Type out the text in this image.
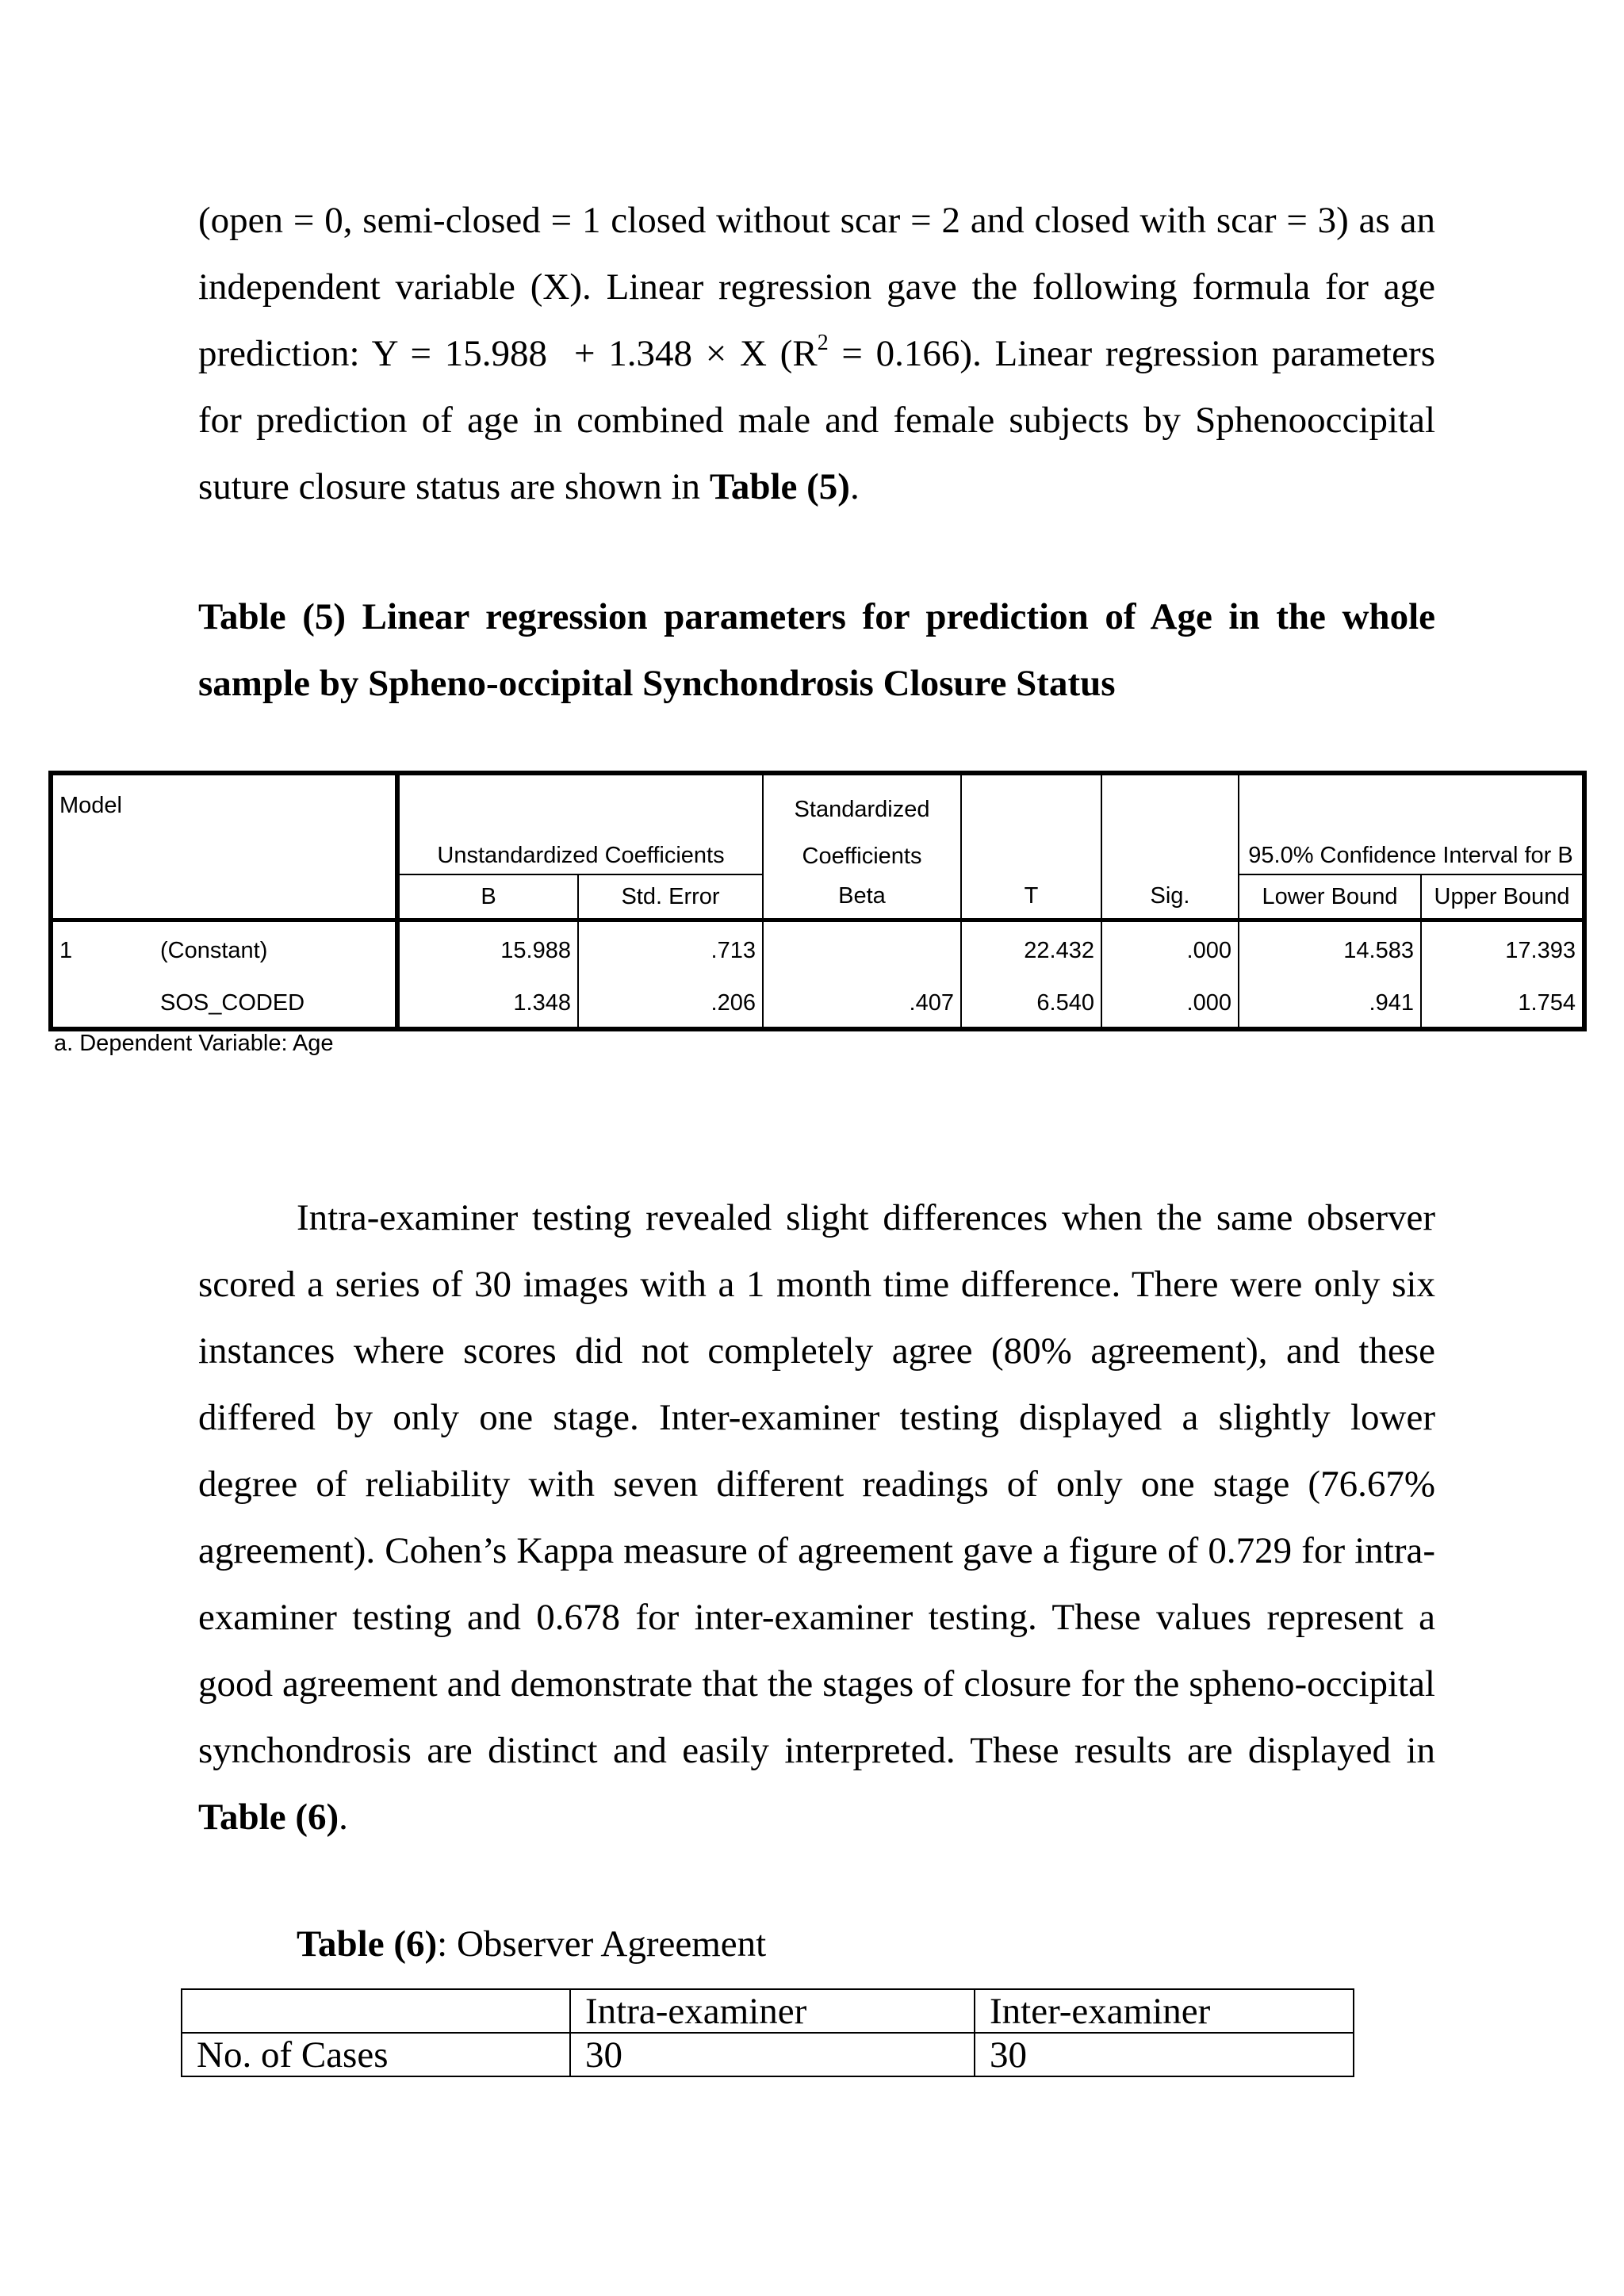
(open = 0, semi-closed = 1 closed without scar = 2 and closed with scar = 3) as an independent variable (X). Linear regression gave the following formula for age prediction: Y = 15.988 + 1.348 × X $(R^2 = 0.166)$. Linear regression parameters for prediction of age in combined male and female subjects by Sphenooccipital suture closure status are shown in Table (5).

Table (5) Linear regression parameters for prediction of Age in the whole sample by Spheno-occipital Synchondrosis Closure Status

Model				Standardized				
		Unstandardized Coefficients		Coefficients			95.0% Confidence Interval for B	
		B	Std. Error	Beta	T	Sig.	Lower Bound	Upper Bound
1	(Constant)	15.988	.713		22.432	.000	14.583	17.393
	SOS_CODED	1.348	.206	.407	6.540	.000	.941	1.754
a. Dependent Variable: Age

Intra-examiner testing revealed slight differences when the same observer scored a series of 30 images with a 1 month time difference. There were only six instances where scores did not completely agree (80% agreement), and these differed by only one stage. Inter-examiner testing displayed a slightly lower degree of reliability with seven different readings of only one stage (76.67% agreement). Cohen’s Kappa measure of agreement gave a figure of 0.729 for intra-examiner testing and 0.678 for inter-examiner testing. These values represent a good agreement and demonstrate that the stages of closure for the spheno-occipital synchondrosis are distinct and easily interpreted. These results are displayed in Table (6).

Table (6): Observer Agreement
	Intra-examiner	Inter-examiner
No. of Cases	30	30
